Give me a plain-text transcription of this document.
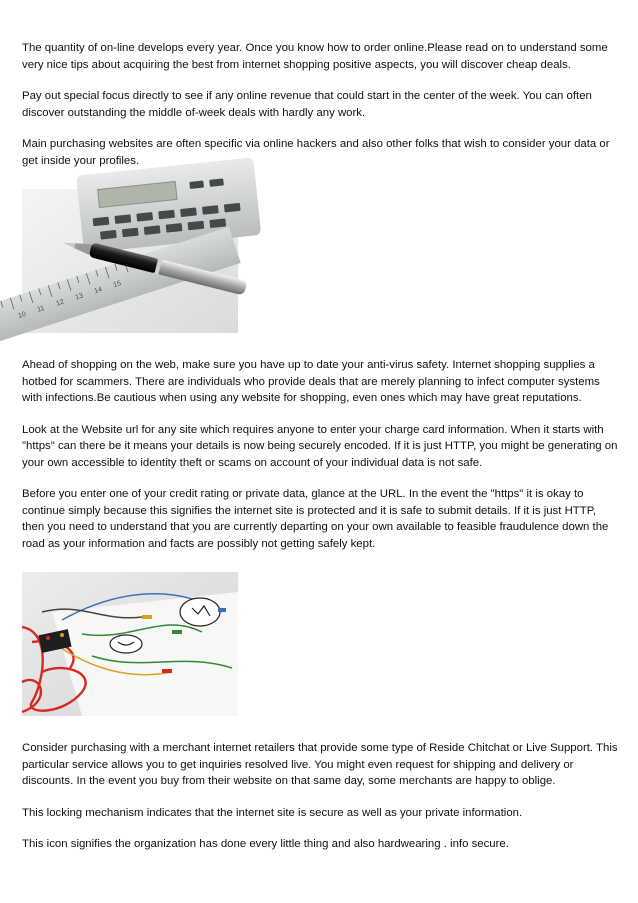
The quantity of on-line develops every year. Once you know how to order online.Please read on to understand some very nice tips about acquiring the best from internet shopping positive aspects, you will discover cheap deals.

Pay out special focus directly to see if any online revenue that could start in the center of the week. You can often discover outstanding the middle of-week deals with hardly any work.

Main purchasing websites are often specific via online hackers and also other folks that wish to consider your data or get inside your profiles.

10
11
12
13
14
15

Ahead of shopping on the web, make sure you have up to date your anti-virus safety. Internet shopping supplies a hotbed for scammers. There are individuals who provide deals that are merely planning to infect computer systems with infections.Be cautious when using any website for shopping, even ones which may have great reputations.

Look at the Website url for any site which requires anyone to enter your charge card information. When it starts with "https" can there be it means your details is now being securely encoded. If it is just HTTP, you might be generating on your own accessible to identity theft or scams on account of your individual data is not safe.

Before you enter one of your credit rating or private data, glance at the URL. In the event the "https" it is okay to continue simply because this signifies the internet site is protected and it is safe to submit details. If it is just HTTP, then you need to understand that you are currently departing on your own available to feasible fraudulence down the road as your information and facts are possibly not getting safely kept.

Consider purchasing with a merchant internet retailers that provide some type of Reside Chitchat or Live Support. This particular service allows you to get inquiries resolved live. You might even request for shipping and delivery or discounts. In the event you buy from their website on that same day, some merchants are happy to oblige.

This locking mechanism indicates that the internet site is secure as well as your private information.

This icon signifies the organization has done every little thing and also hardwearing . info secure.
